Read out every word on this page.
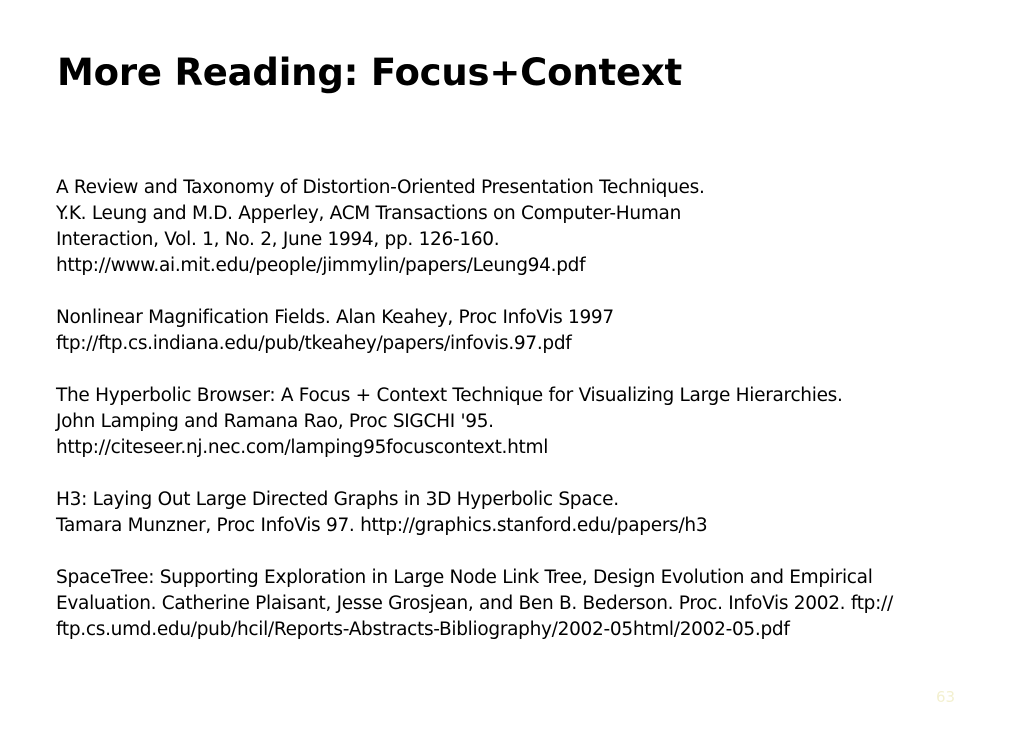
More Reading: Focus+Context
A Review and Taxonomy of Distortion-Oriented Presentation Techniques.
Y.K. Leung and M.D. Apperley, ACM Transactions on Computer-Human
Interaction, Vol. 1, No. 2, June 1994, pp. 126-160.
http://www.ai.mit.edu/people/jimmylin/papers/Leung94.pdf
Nonlinear Magnification Fields. Alan Keahey, Proc InfoVis 1997
ftp://ftp.cs.indiana.edu/pub/tkeahey/papers/infovis.97.pdf
The Hyperbolic Browser: A Focus + Context Technique for Visualizing Large Hierarchies.
John Lamping and Ramana Rao, Proc SIGCHI '95.
http://citeseer.nj.nec.com/lamping95focuscontext.html
H3: Laying Out Large Directed Graphs in 3D Hyperbolic Space.
Tamara Munzner, Proc InfoVis 97. http://graphics.stanford.edu/papers/h3
SpaceTree: Supporting Exploration in Large Node Link Tree, Design Evolution and Empirical
Evaluation. Catherine Plaisant, Jesse Grosjean, and Ben B. Bederson. Proc. InfoVis 2002. ftp://
ftp.cs.umd.edu/pub/hcil/Reports-Abstracts-Bibliography/2002-05html/2002-05.pdf
63
